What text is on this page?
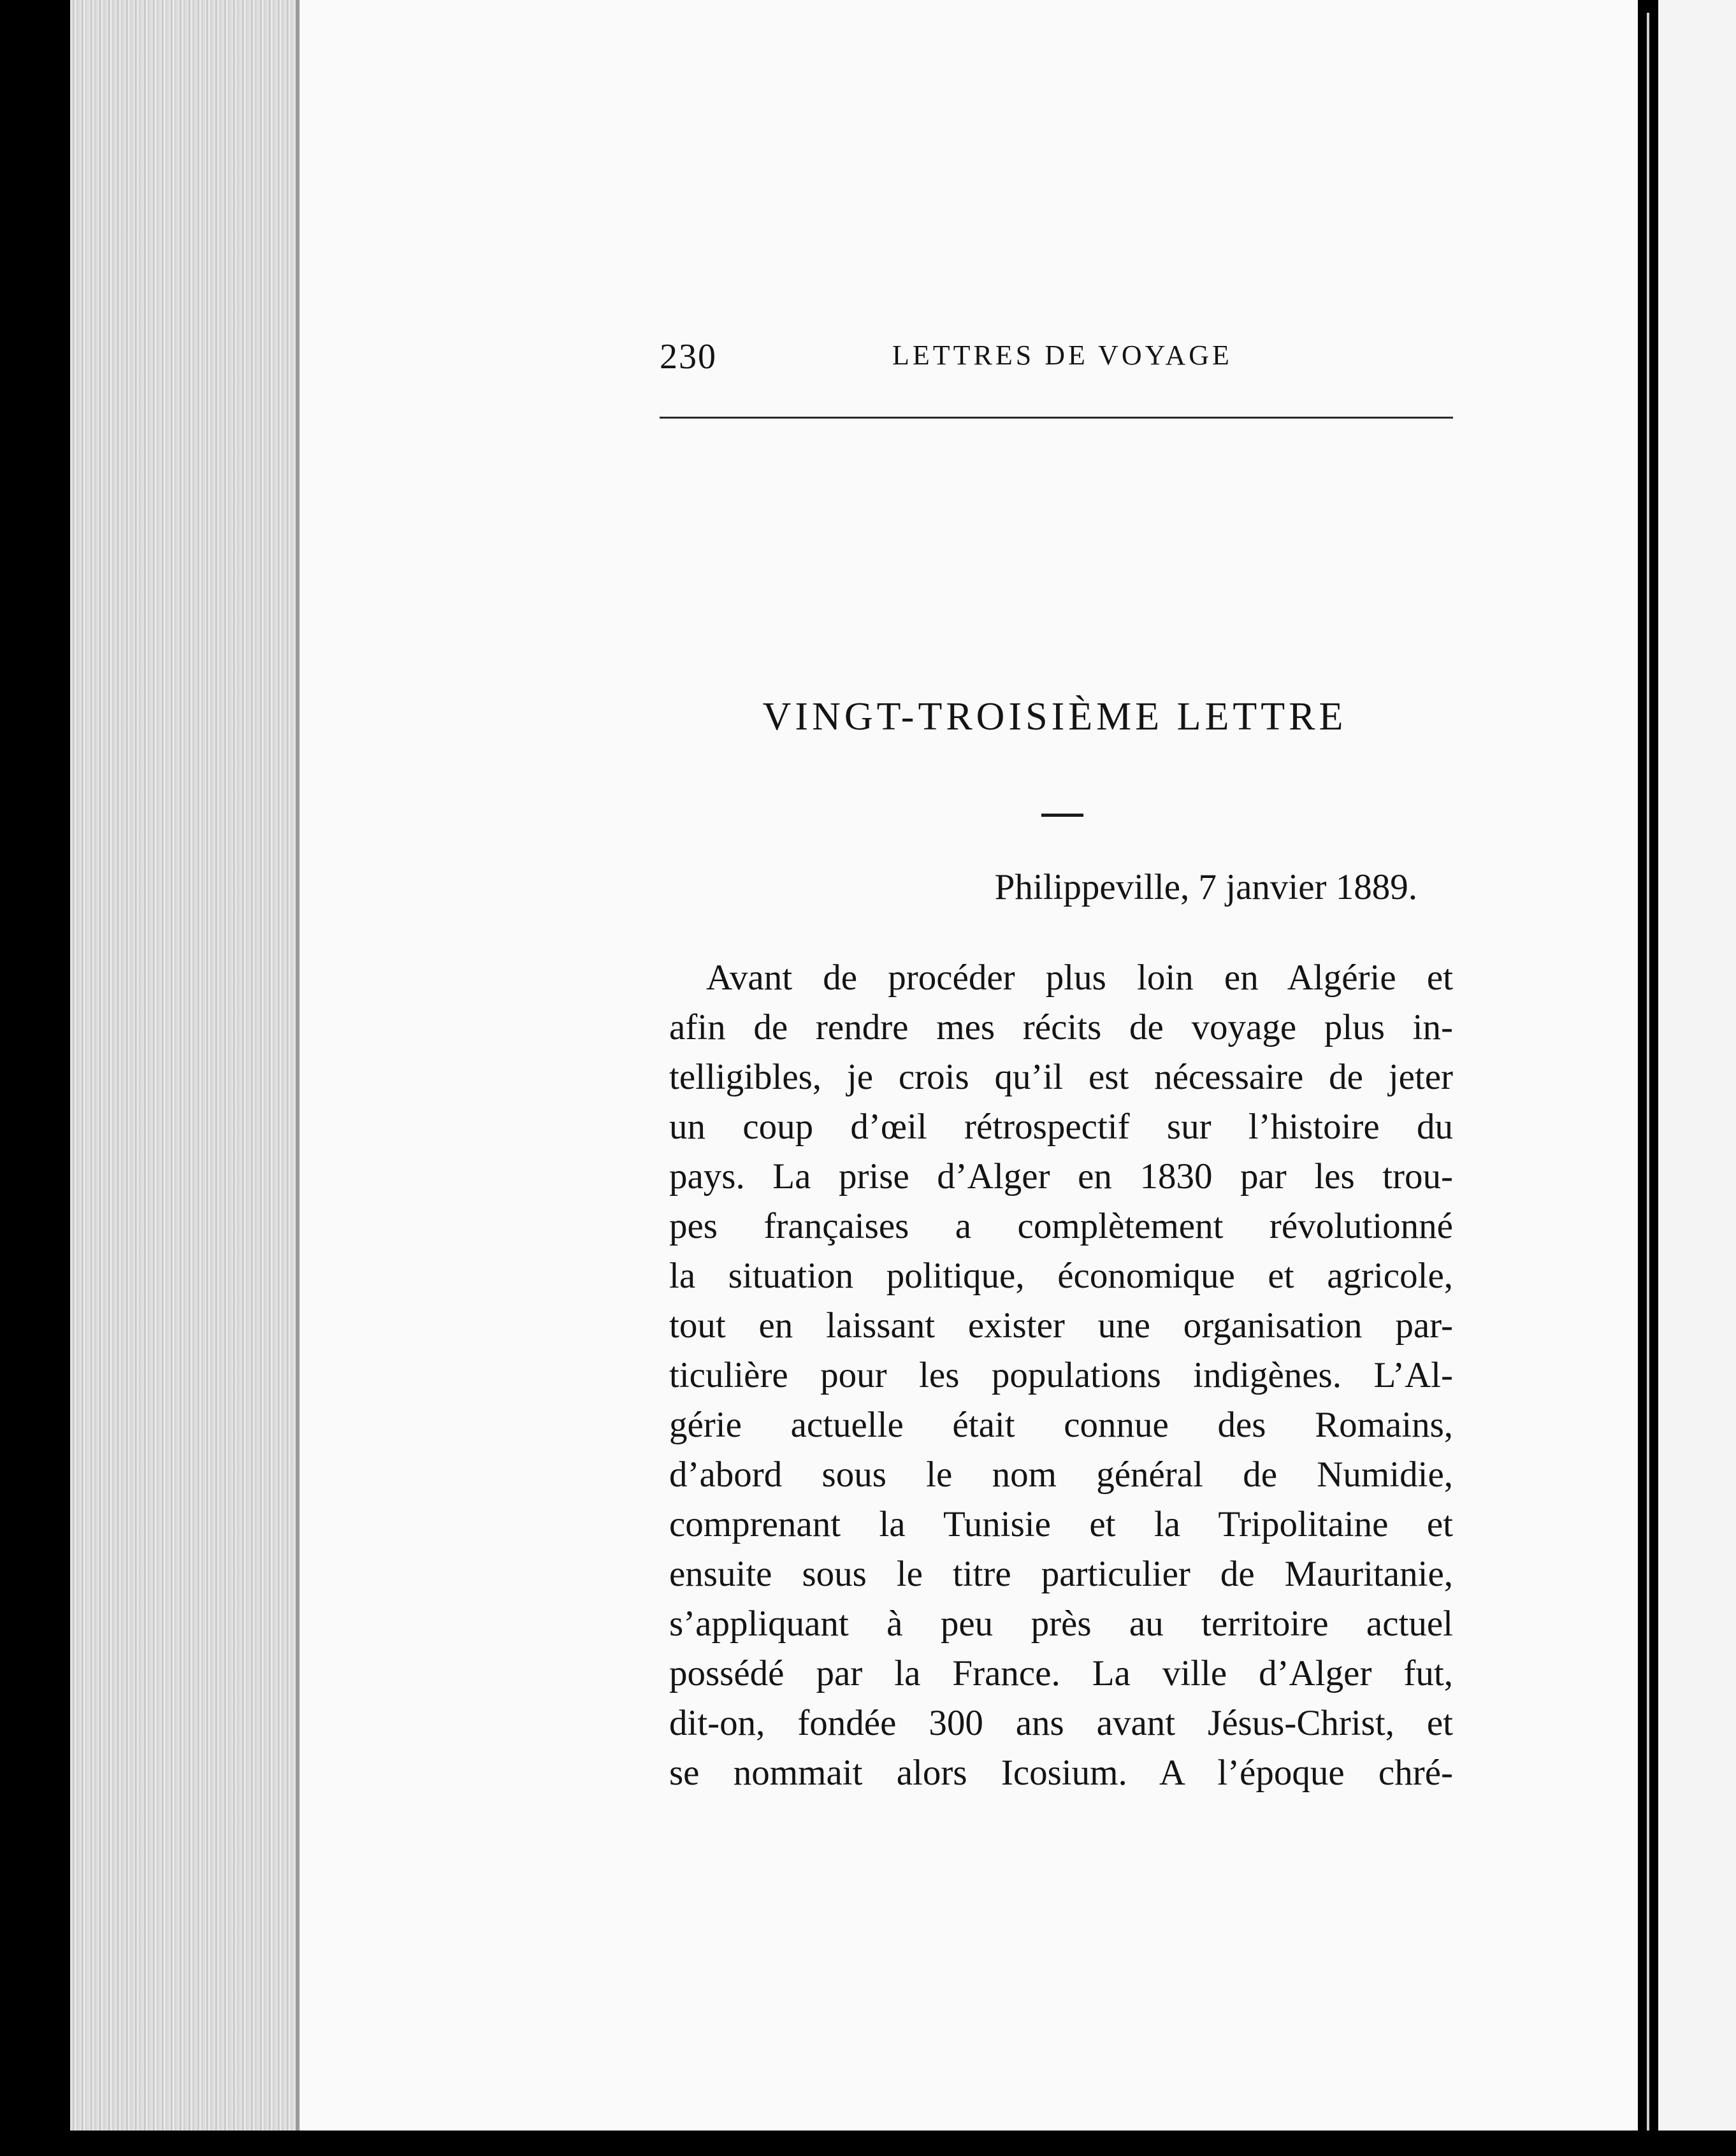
230	LETTRES DE VOYAGE
VINGT-TROISIÈME LETTRE
Philippeville, 7 janvier 1889.
Avant de procéder plus loin en Algérie et
afin de rendre mes récits de voyage plus in-
telligibles, je crois qu’il est nécessaire de jeter
un coup d’œil rétrospectif sur l’histoire du
pays. La prise d’Alger en 1830 par les trou-
pes françaises a complètement révolutionné
la situation politique, économique et agricole,
tout en laissant exister une organisation par-
ticulière pour les populations indigènes. L’Al-
gérie actuelle était connue des Romains,
d’abord sous le nom général de Numidie,
comprenant la Tunisie et la Tripolitaine et
ensuite sous le titre particulier de Mauritanie,
s’appliquant à peu près au territoire actuel
possédé par la France. La ville d’Alger fut,
dit-on, fondée 300 ans avant Jésus-Christ, et
se nommait alors Icosium. A l’époque chré-
